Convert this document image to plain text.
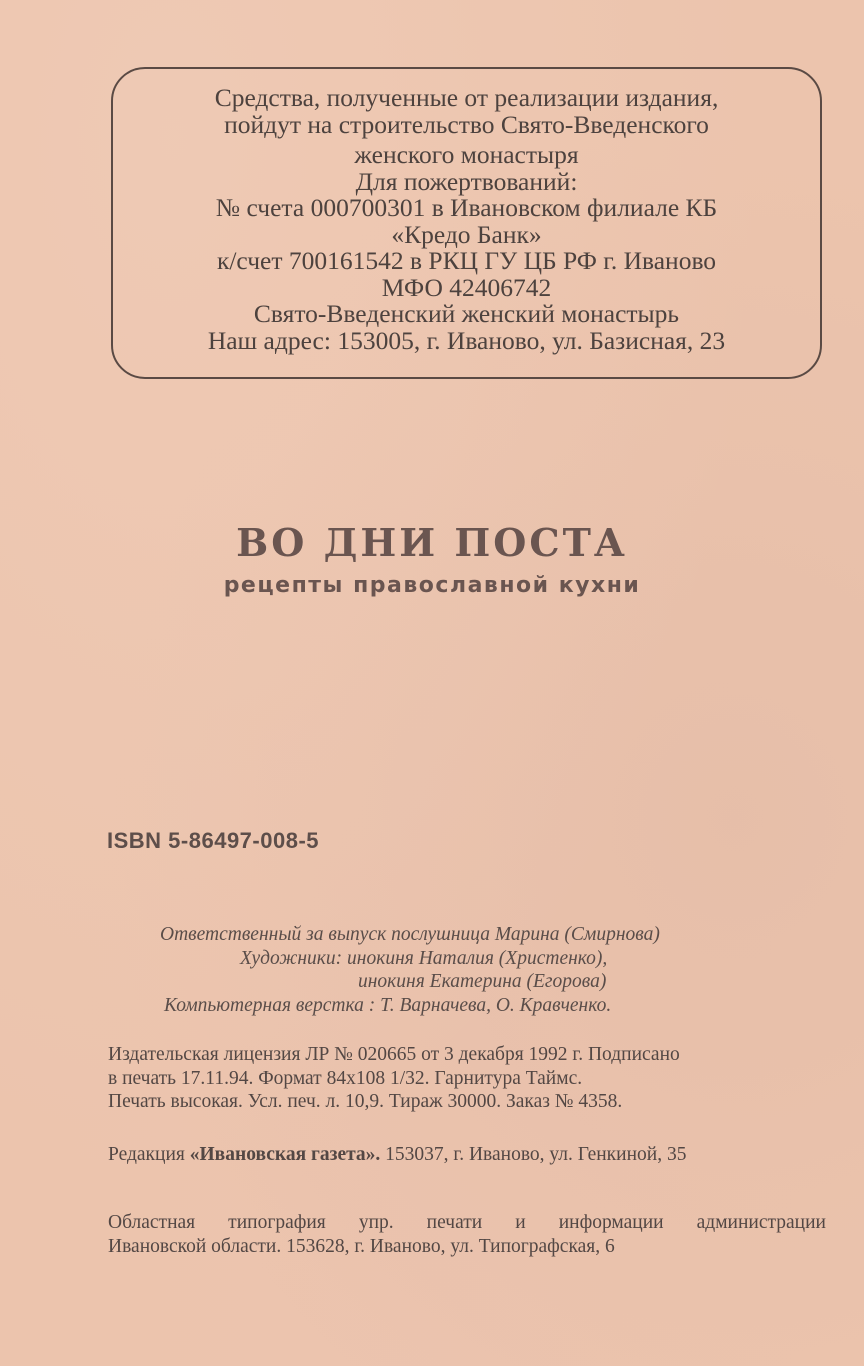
Средства, полученные от реализации издания,
пойдут на строительство Свято-Введенского
женского монастыря
Для пожертвований:
№ счета 000700301 в Ивановском филиале КБ
«Кредо Банк»
к/счет 700161542 в РКЦ ГУ ЦБ РФ г. Иваново
МФО 42406742
Свято-Введенский женский монастырь
Наш адрес: 153005, г. Иваново, ул. Базисная, 23
ВО ДНИ ПОСТА
рецепты православной кухни
ISBN 5-86497-008-5
Ответственный за выпуск послушница Марина (Смирнова)
Художники: инокиня Наталия (Христенко),
инокиня Екатерина (Егорова)
Компьютерная верстка : Т. Варначева, О. Кравченко.
Издательская лицензия ЛР № 020665 от 3 декабря 1992 г. Подписано
в печать 17.11.94. Формат 84x108 1/32. Гарнитура Таймс.
Печать высокая. Усл. печ. л. 10,9. Тираж 30000. Заказ № 4358.
Редакция «Ивановская газета». 153037, г. Иваново, ул. Генкиной, 35
Областная типография упр. печати и информации администрации
Ивановской области. 153628, г. Иваново, ул. Типографская, 6
